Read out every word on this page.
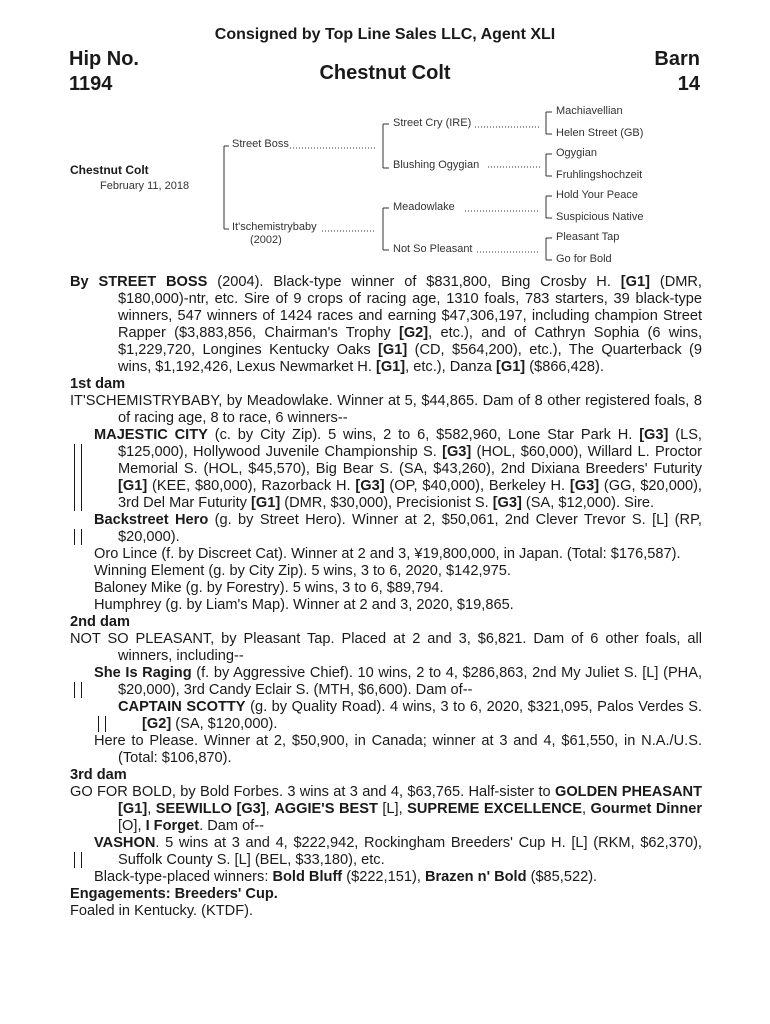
Consigned by Top Line Sales LLC, Agent XLI
Hip No.
1194
Barn
14
Chestnut Colt
Chestnut Colt
February 11, 2018
Street Boss
It'schemistrybaby
(2002)
Street Cry (IRE)
Blushing Ogygian
Meadowlake
Not So Pleasant
Machiavellian
Helen Street (GB)
Ogygian
Fruhlingshochzeit
Hold Your Peace
Suspicious Native
Pleasant Tap
Go for Bold

By STREET BOSS (2004). Black-type winner of $831,800, Bing Crosby H. [G1] (DMR, $180,000)-ntr, etc. Sire of 9 crops of racing age, 1310 foals, 783 starters, 39 black-type winners, 547 winners of 1424 races and earning $47,306,197, including champion Street Rapper ($3,883,856, Chairman's Trophy [G2], etc.), and of Cathryn Sophia (6 wins, $1,229,720, Longines Kentucky Oaks [G1] (CD, $564,200), etc.), The Quarterback (9 wins, $1,192,426, Lexus Newmarket H. [G1], etc.), Danza [G1] ($866,428).

1st dam

IT'SCHEMISTRYBABY, by Meadowlake. Winner at 5, $44,865. Dam of 8 other registered foals, 8 of racing age, 8 to race, 6 winners--

MAJESTIC CITY (c. by City Zip). 5 wins, 2 to 6, $582,960, Lone Star Park H. [G3] (LS, $125,000), Hollywood Juvenile Championship S. [G3] (HOL, $60,000), Willard L. Proctor Memorial S. (HOL, $45,570), Big Bear S. (SA, $43,260), 2nd Dixiana Breeders' Futurity [G1] (KEE, $80,000), Razorback H. [G3] (OP, $40,000), Berkeley H. [G3] (GG, $20,000), 3rd Del Mar Futurity [G1] (DMR, $30,000), Precisionist S. [G3] (SA, $12,000). Sire.

Backstreet Hero (g. by Street Hero). Winner at 2, $50,061, 2nd Clever Trevor S. [L] (RP, $20,000).

Oro Lince (f. by Discreet Cat). Winner at 2 and 3, ¥19,800,000, in Japan. (Total: $176,587).

Winning Element (g. by City Zip). 5 wins, 3 to 6, 2020, $142,975.

Baloney Mike (g. by Forestry). 5 wins, 3 to 6, $89,794.

Humphrey (g. by Liam's Map). Winner at 2 and 3, 2020, $19,865.

2nd dam

NOT SO PLEASANT, by Pleasant Tap. Placed at 2 and 3, $6,821. Dam of 6 other foals, all winners, including--

She Is Raging (f. by Aggressive Chief). 10 wins, 2 to 4, $286,863, 2nd My Juliet S. [L] (PHA, $20,000), 3rd Candy Eclair S. (MTH, $6,600). Dam of--

CAPTAIN SCOTTY (g. by Quality Road). 4 wins, 3 to 6, 2020, $321,095, Palos Verdes S. [G2] (SA, $120,000).

Here to Please. Winner at 2, $50,900, in Canada; winner at 3 and 4, $61,550, in N.A./U.S. (Total: $106,870).

3rd dam

GO FOR BOLD, by Bold Forbes. 3 wins at 3 and 4, $63,765. Half-sister to GOLDEN PHEASANT [G1], SEEWILLO [G3], AGGIE'S BEST [L], SUPREME EXCELLENCE, Gourmet Dinner [O], I Forget. Dam of--

VASHON. 5 wins at 3 and 4, $222,942, Rockingham Breeders' Cup H. [L] (RKM, $62,370), Suffolk County S. [L] (BEL, $33,180), etc.

Black-type-placed winners: Bold Bluff ($222,151), Brazen n' Bold ($85,522).

Engagements: Breeders' Cup.

Foaled in Kentucky. (KTDF).
